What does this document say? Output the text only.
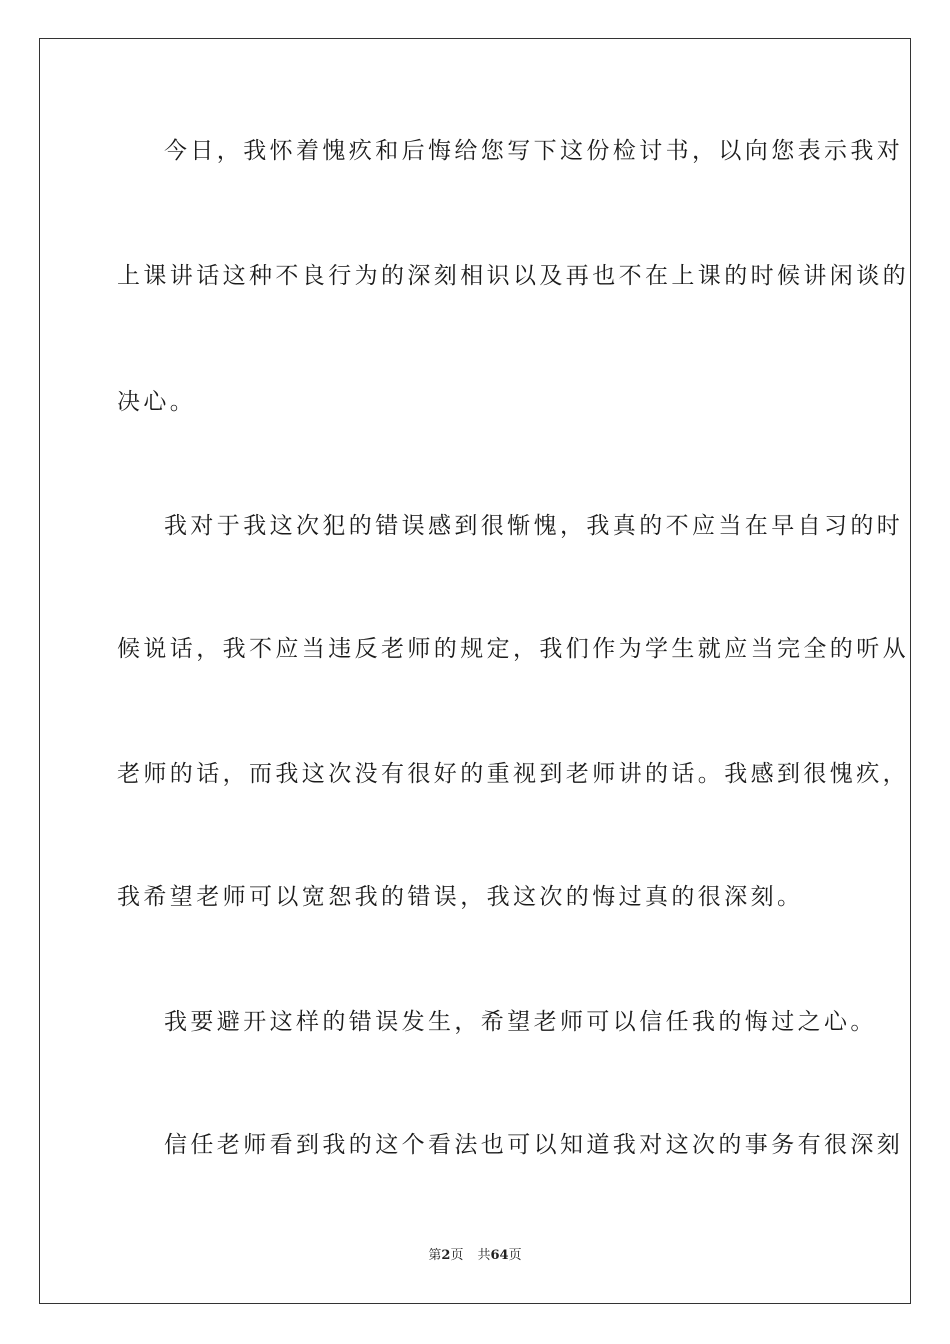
今日，我怀着愧疚和后悔给您写下这份检讨书，以向您表示我对
上课讲话这种不良行为的深刻相识以及再也不在上课的时候讲闲谈的
决心。
我对于我这次犯的错误感到很惭愧，我真的不应当在早自习的时
候说话，我不应当违反老师的规定，我们作为学生就应当完全的听从
老师的话，而我这次没有很好的重视到老师讲的话。我感到很愧疚，
我希望老师可以宽恕我的错误，我这次的悔过真的很深刻。
我要避开这样的错误发生，希望老师可以信任我的悔过之心。
信任老师看到我的这个看法也可以知道我对这次的事务有很深刻
第2页 共64页
